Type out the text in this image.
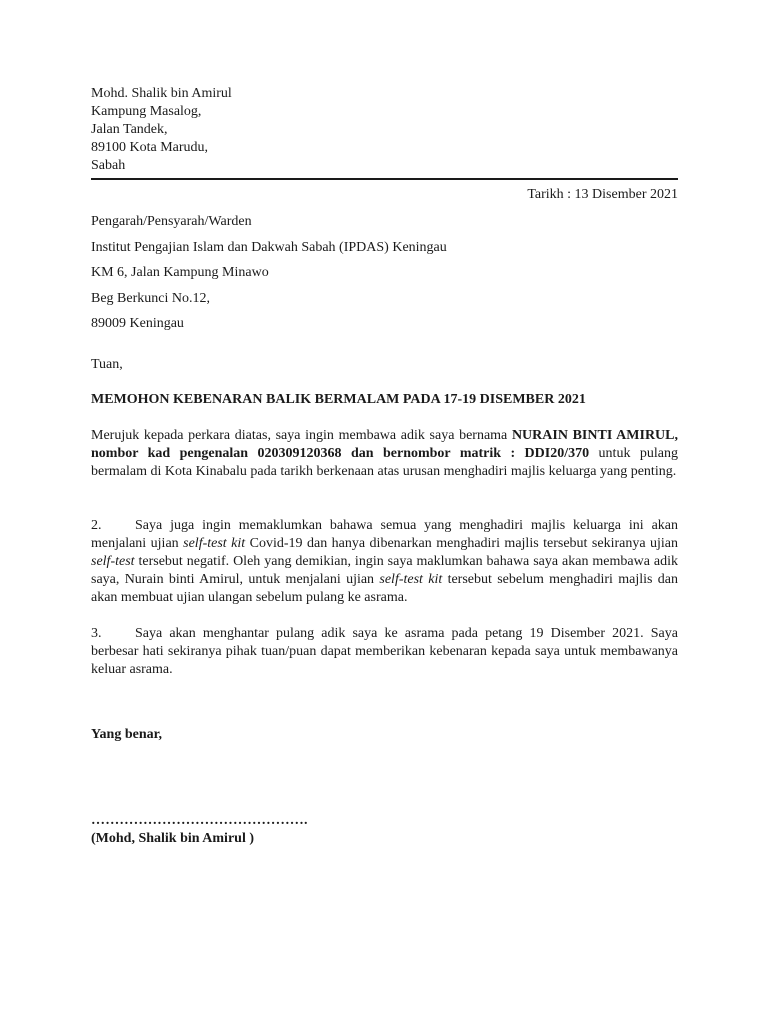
Mohd. Shalik bin Amirul
Kampung Masalog,
Jalan Tandek,
89100 Kota Marudu,
Sabah
Tarikh : 13 Disember 2021
Pengarah/Pensyarah/Warden
Institut Pengajian Islam dan Dakwah Sabah (IPDAS) Keningau
KM 6, Jalan Kampung Minawo
Beg Berkunci No.12,
89009 Keningau
Tuan,
MEMOHON KEBENARAN BALIK BERMALAM PADA 17-19 DISEMBER 2021

Merujuk kepada perkara diatas, saya ingin membawa adik saya bernama NURAIN BINTI AMIRUL, nombor kad pengenalan 020309120368 dan bernombor matrik : DDI20/370 untuk pulang bermalam di Kota Kinabalu pada tarikh berkenaan atas urusan menghadiri majlis keluarga yang penting.

2. Saya juga ingin memaklumkan bahawa semua yang menghadiri majlis keluarga ini akan menjalani ujian self-test kit Covid-19 dan hanya dibenarkan menghadiri majlis tersebut sekiranya ujian self-test tersebut negatif. Oleh yang demikian, ingin saya maklumkan bahawa saya akan membawa adik saya, Nurain binti Amirul, untuk menjalani ujian self-test kit tersebut sebelum menghadiri majlis dan akan membuat ujian ulangan sebelum pulang ke asrama.

3. Saya akan menghantar pulang adik saya ke asrama pada petang 19 Disember 2021. Saya berbesar hati sekiranya pihak tuan/puan dapat memberikan kebenaran kepada saya untuk membawanya keluar asrama.

Yang benar,
……………………………………….
(Mohd, Shalik bin Amirul )
